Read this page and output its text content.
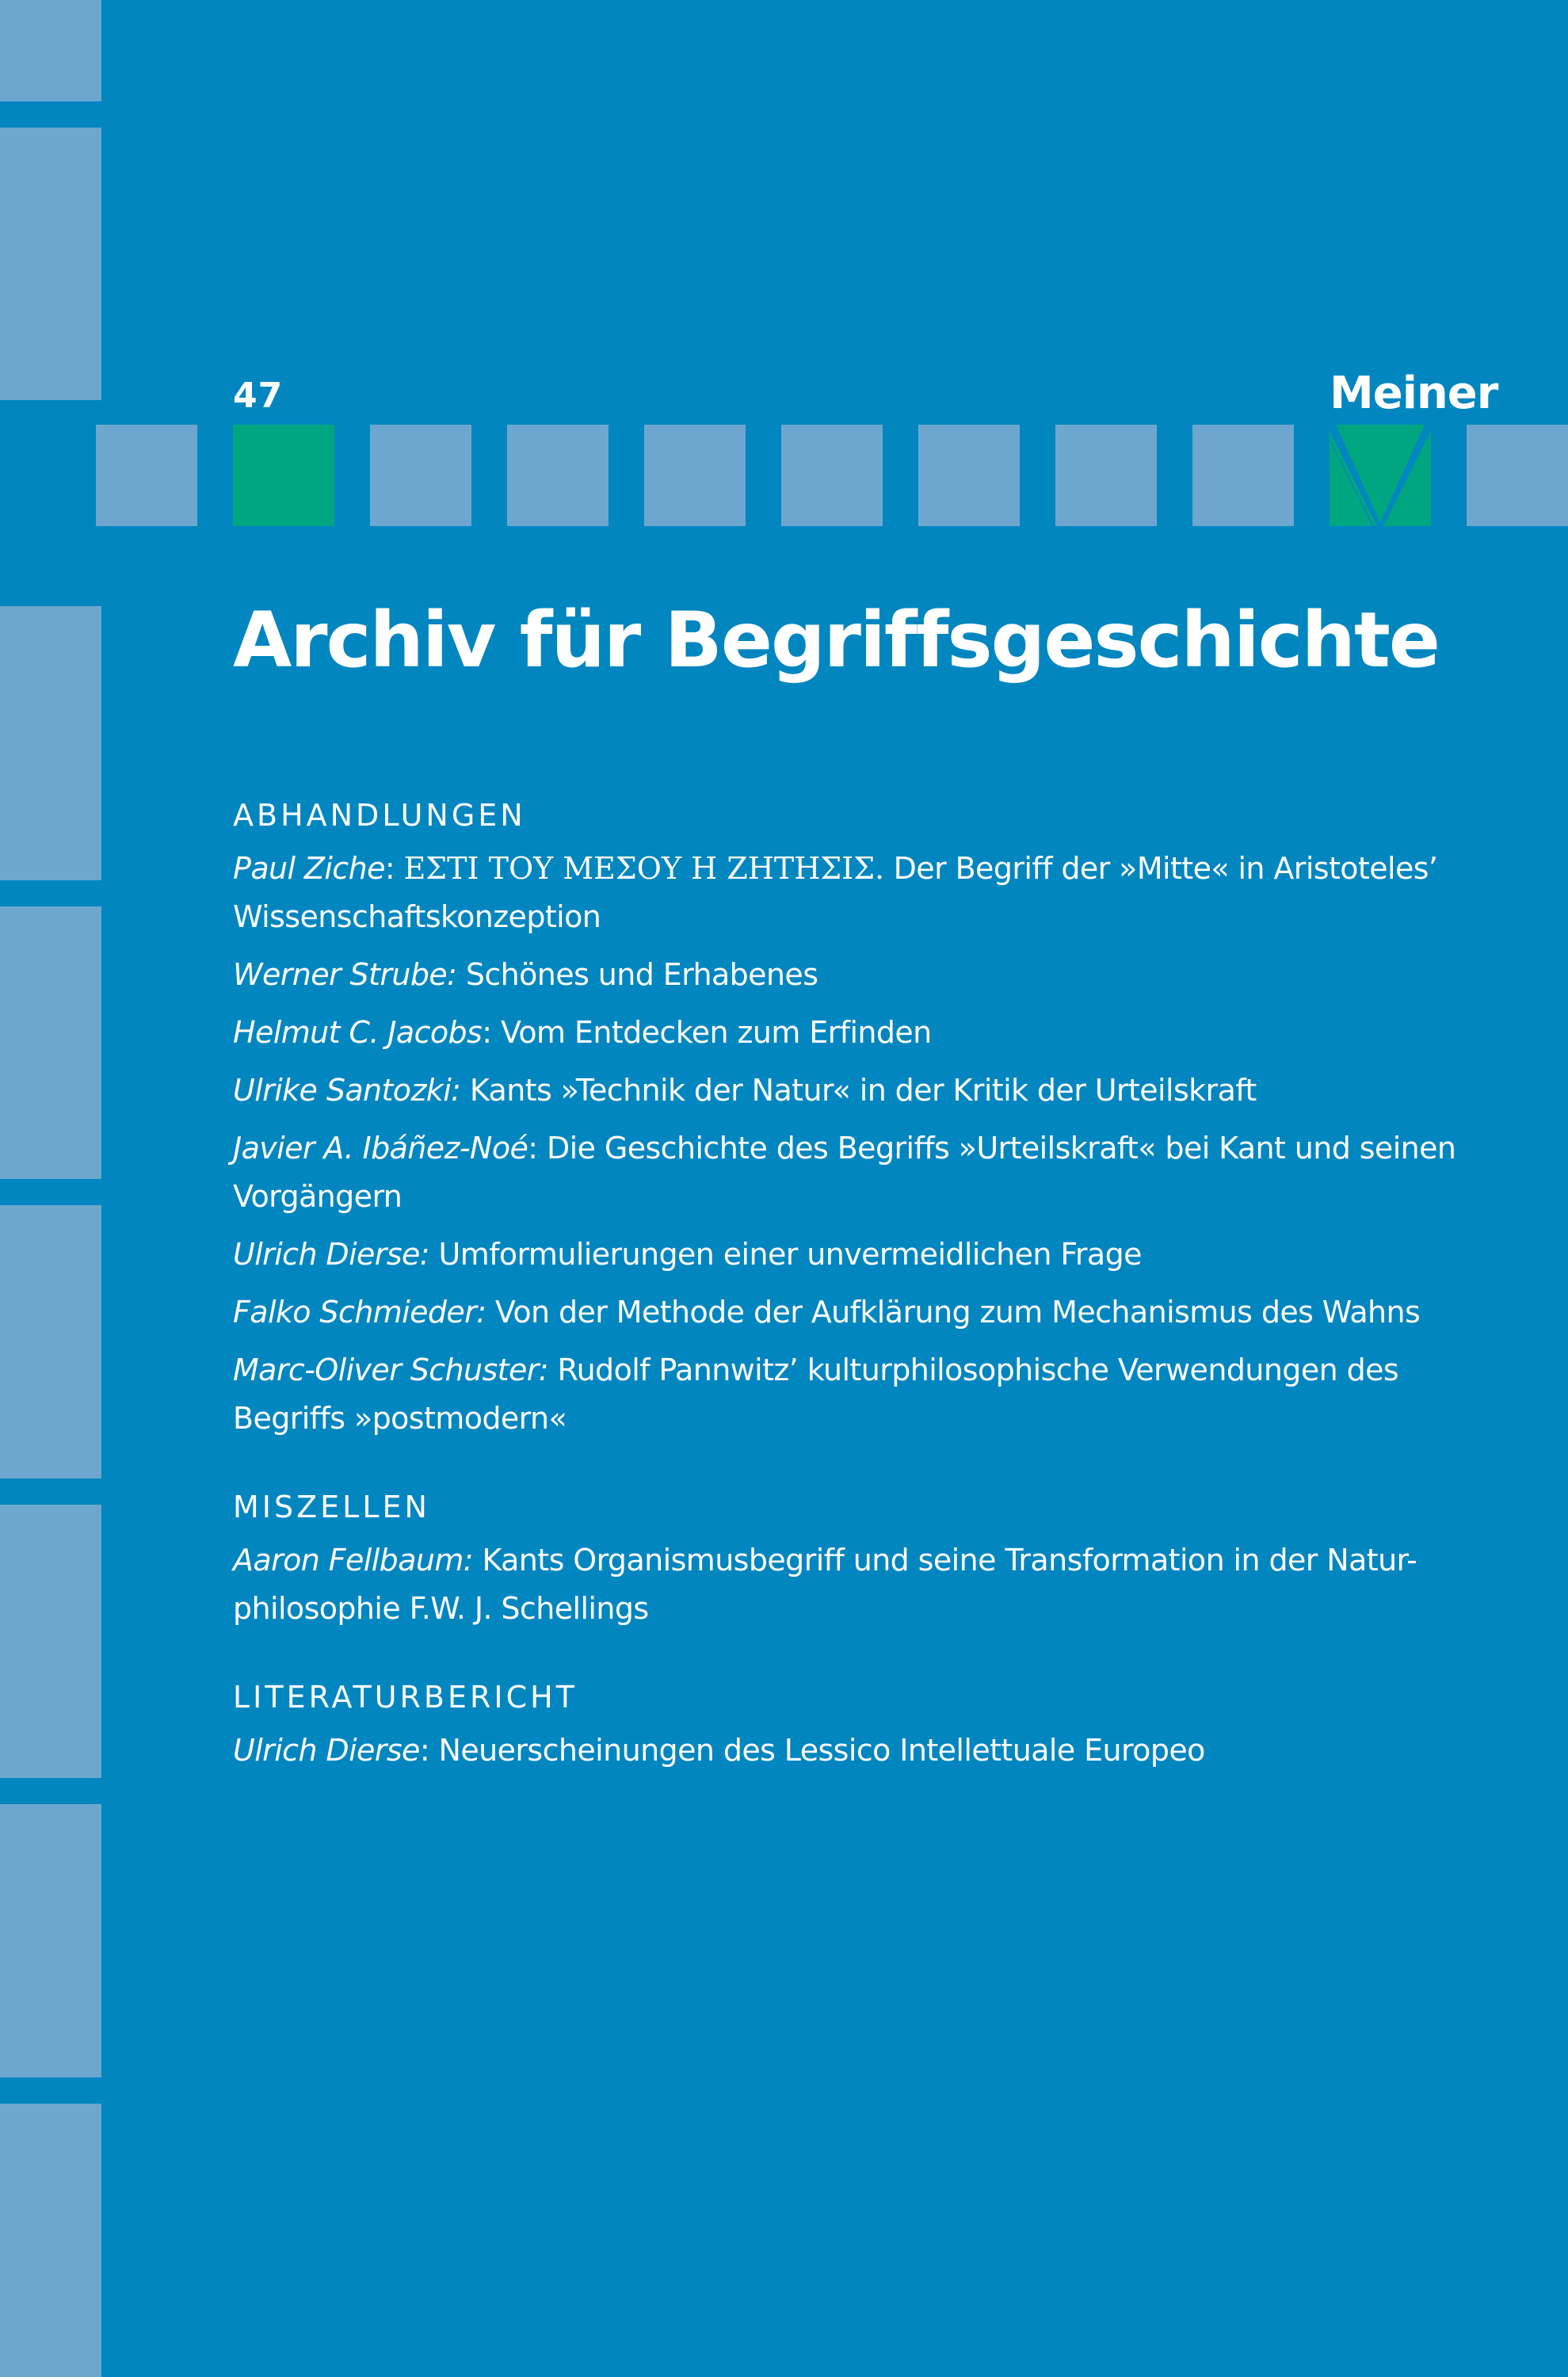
47	Meiner
Archiv für Begriffsgeschichte
ABHANDLUNGEN
Paul Ziche: ΕΣΤΙ ΤΟΥ ΜΕΣΟΥ Η ΖΗΤΗΣΙΣ. Der Begriff der »Mitte« in Aristoteles’ Wissenschaftskonzeption
Werner Strube: Schönes und Erhabenes
Helmut C. Jacobs: Vom Entdecken zum Erfinden
Ulrike Santozki: Kants »Technik der Natur« in der Kritik der Urteilskraft
Javier A. Ibáñez-Noé: Die Geschichte des Begriffs »Urteilskraft« bei Kant und seinen Vorgängern
Ulrich Dierse: Umformulierungen einer unvermeidlichen Frage
Falko Schmieder: Von der Methode der Aufklärung zum Mechanismus des Wahns
Marc-Oliver Schuster: Rudolf Pannwitz’ kulturphilosophische Verwendungen des Begriffs »postmodern«
MISZELLEN
Aaron Fellbaum: Kants Organismusbegriff und seine Transformation in der Natur-philosophie F.W. J. Schellings
LITERATURBERICHT
Ulrich Dierse: Neuerscheinungen des Lessico Intellettuale Europeo
